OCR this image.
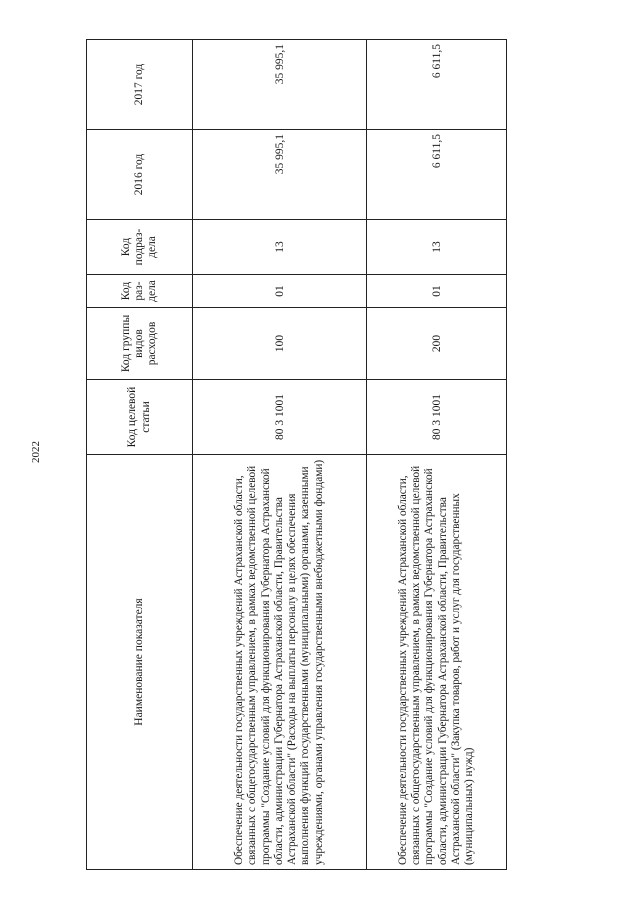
2022
Наименование показателя	Код целевой статьи	Код группы видов расходов	Код раз-дела	Код подраз-дела	2016 год	2017 год
Обеспечение деятельности государственных учреждений Астраханской области, связанных с общегосударственным управлением, в рамках ведомственной целевой программы "Создание условий для функционирования Губернатора Астраханской области, администрации Губернатора Астраханской области, Правительства Астраханской области" (Расходы на выплаты персоналу в целях обеспечения выполнения функций государственными (муниципальными) органами, казенными учреждениями, органами управления государственными внебюджетными фондами)	80 3 1001	100	01	13	35 995,1	35 995,1
Обеспечение деятельности государственных учреждений Астраханской области, связанных с общегосударственным управлением, в рамках ведомственной целевой программы "Создание условий для функционирования Губернатора Астраханской области, администрации Губернатора Астраханской области, Правительства Астраханской области" (Закупка товаров, работ и услуг для государственных (муниципальных) нужд)	80 3 1001	200	01	13	6 611,5	6 611,5
